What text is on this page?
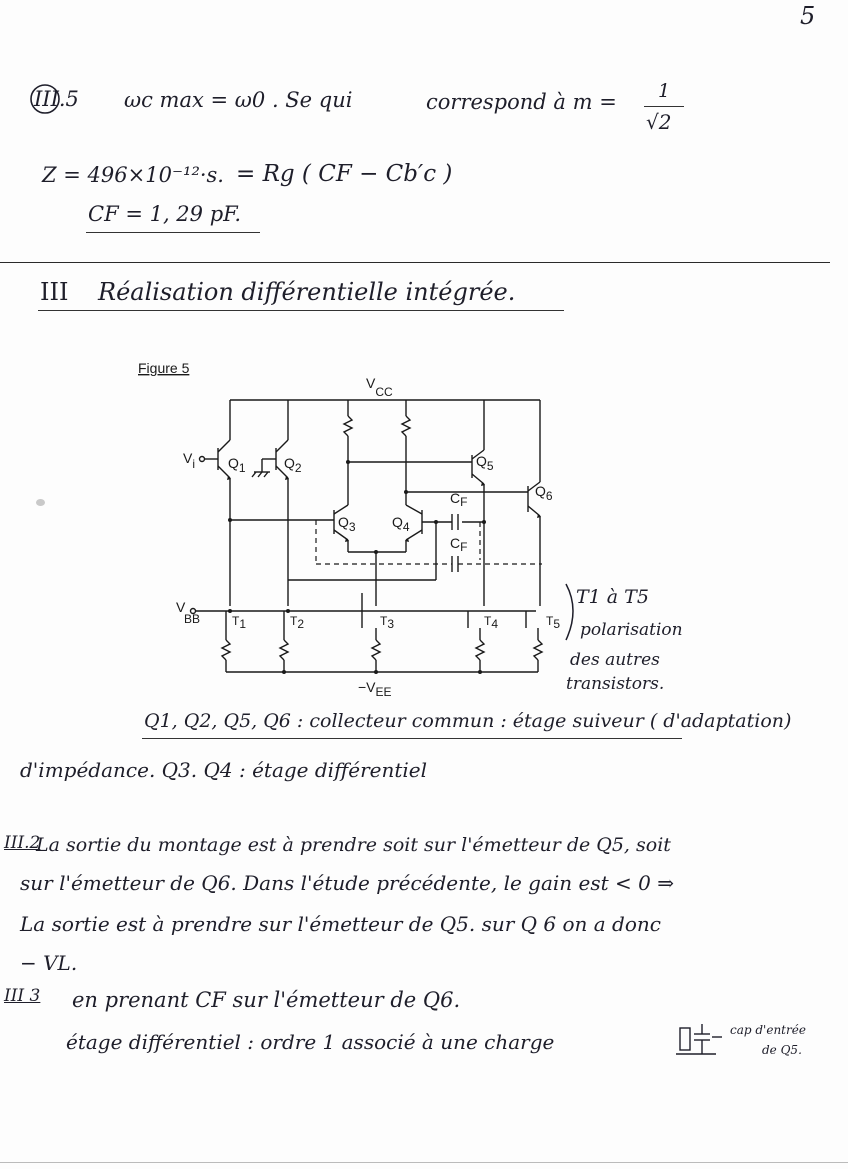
5
III.5 ωc max = ω0 . Se qui	correspond à m = 1
√2
Z = 496×10⁻¹²·s. = Rg ( CF − Cb′c )
CF = 1, 29 pF.
III Réalisation différentielle intégrée.
Figure 5
VCC
Vi Q1	Q2
Q3	Q4
Q5
Q6
CF
CF
V BB	T1	T2	T3	T4	T5
−VEE
T1 à T5
polarisation
des autres
transistors.
Q1, Q2, Q5, Q6 : collecteur commun : étage suiveur ( d'adaptation)
d'impédance. Q3. Q4 : étage différentiel
III.2
La sortie du montage est à prendre soit sur l'émetteur de Q5, soit
sur l'émetteur de Q6. Dans l'étude précédente, le gain est < 0 ⇒
La sortie est à prendre sur l'émetteur de Q5. sur Q 6 on a donc
− VL.
III 3 en prenant CF sur l'émetteur de Q6.
étage différentiel : ordre 1 associé à une charge	cap d'entrée
de Q5.
